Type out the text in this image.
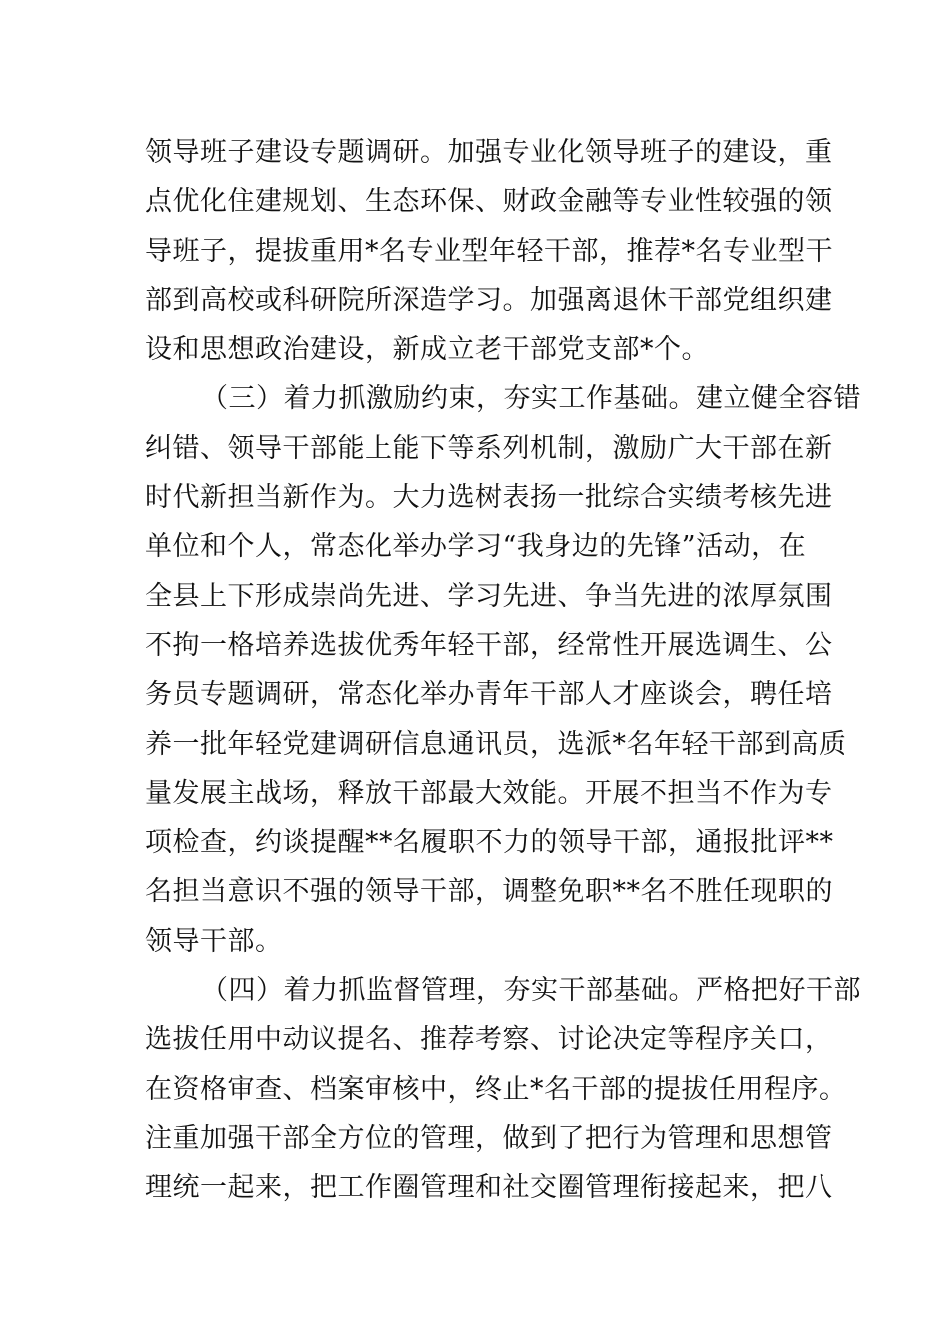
领导班子建设专题调研。加强专业化领导班子的建设，重
点优化住建规划、生态环保、财政金融等专业性较强的领
导班子，提拔重用*名专业型年轻干部，推荐*名专业型干
部到高校或科研院所深造学习。加强离退休干部党组织建
设和思想政治建设，新成立老干部党支部*个。
（三）着力抓激励约束，夯实工作基础。建立健全容错
纠错、领导干部能上能下等系列机制，激励广大干部在新
时代新担当新作为。大力选树表扬一批综合实绩考核先进
单位和个人，常态化举办学习“我身边的先锋”活动，在
全县上下形成崇尚先进、学习先进、争当先进的浓厚氛围
不拘一格培养选拔优秀年轻干部，经常性开展选调生、公
务员专题调研，常态化举办青年干部人才座谈会，聘任培
养一批年轻党建调研信息通讯员，选派*名年轻干部到高质
量发展主战场，释放干部最大效能。开展不担当不作为专
项检查，约谈提醒**名履职不力的领导干部，通报批评**
名担当意识不强的领导干部，调整免职**名不胜任现职的
领导干部。
（四）着力抓监督管理，夯实干部基础。严格把好干部
选拔任用中动议提名、推荐考察、讨论决定等程序关口，
在资格审查、档案审核中，终止*名干部的提拔任用程序。
注重加强干部全方位的管理，做到了把行为管理和思想管
理统一起来，把工作圈管理和社交圈管理衔接起来，把八
